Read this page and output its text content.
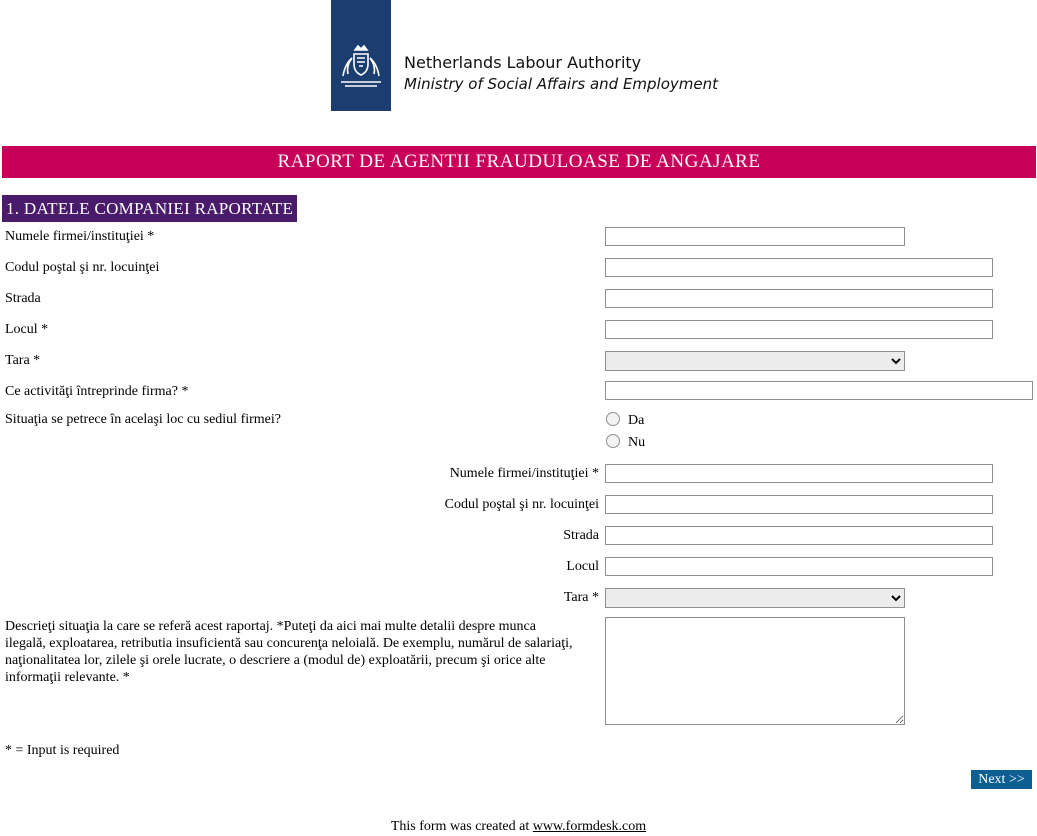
Netherlands Labour Authority
Ministry of Social Affairs and Employment
RAPORT DE AGENTII FRAUDULOASE DE ANGAJARE
1. DATELE COMPANIEI RAPORTATE
Numele firmei/instituţiei *
Codul poştal şi nr. locuinţei
Strada
Locul *
Tara *
Ce activităţi întreprinde firma? *
Situaţia se petrece în acelaşi loc cu sediul firmei?	Da
Nu
Numele firmei/instituţiei *
Codul poştal şi nr. locuinţei
Strada
Locul
Tara *
Descrieţi situaţia la care se referă acest raportaj. *Puteţi da aici mai multe detalii despre munca ilegală, exploatarea, retributia insuficientă sau concurenţa neloială. De exemplu, numărul de salariaţi, naţionalitatea lor, zilele şi orele lucrate, o descriere a (modul de) exploatării, precum şi orice alte informaţii relevante. *
* = Input is required
Next >>
This form was created at www.formdesk.com
